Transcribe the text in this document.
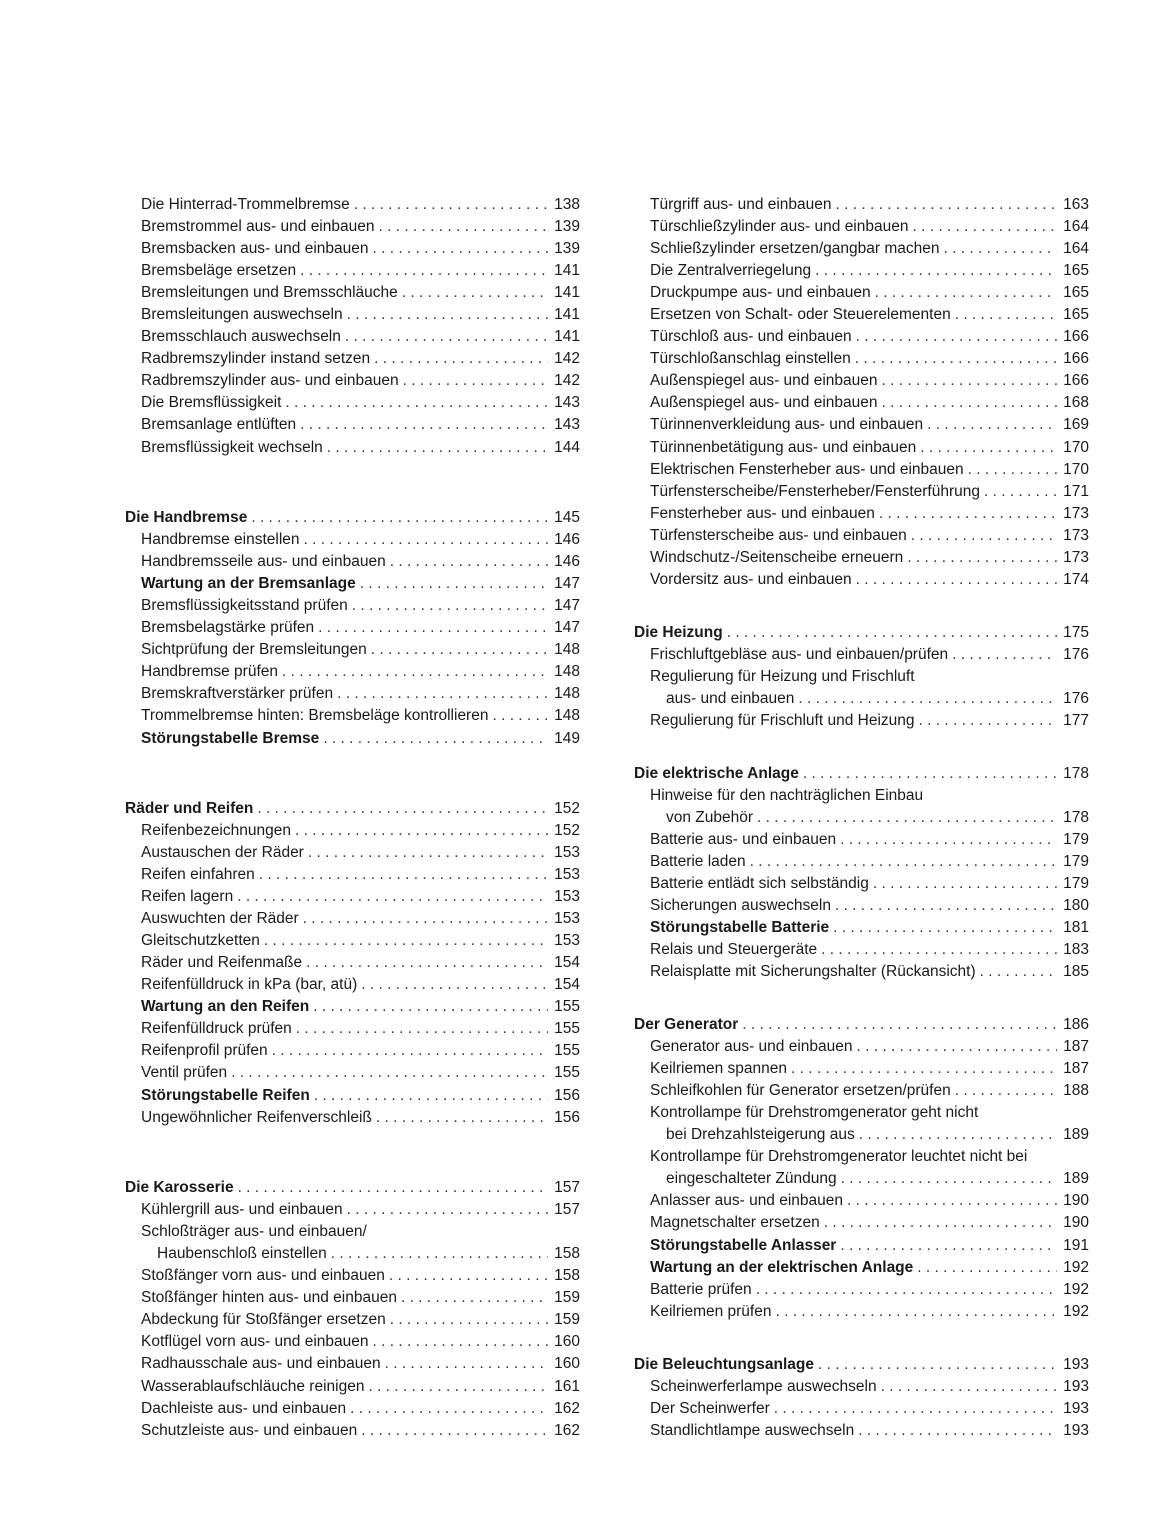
Die Hinterrad-Trommelbremse . . .	138
Bremstrommel aus- und einbauen . . .	139
Bremsbacken aus- und einbauen . . .	139
Bremsbeläge ersetzen . . .	141
Bremsleitungen und Bremsschläuche . . .	141
Bremsleitungen auswechseln . . .	141
Bremsschlauch auswechseln . . .	141
Radbremszylinder instand setzen . . .	142
Radbremszylinder aus- und einbauen . . .	142
Die Bremsflüssigkeit . . .	143
Bremsanlage entlüften . . .	143
Bremsflüssigkeit wechseln . . .	144
Die Handbremse . . .	145
Handbremse einstellen . . .	146
Handbremsseile aus- und einbauen . . .	146
Wartung an der Bremsanlage . . .	147
Bremsflüssigkeitsstand prüfen . . .	147
Bremsbelagstärke prüfen . . .	147
Sichtprüfung der Bremsleitungen . . .	148
Handbremse prüfen . . .	148
Bremskraftverstärker prüfen . . .	148
Trommelbremse hinten: Bremsbeläge kontrollieren . . .	148
Störungstabelle Bremse . . .	149
Räder und Reifen . . .	152
Reifenbezeichnungen . . .	152
Austauschen der Räder . . .	153
Reifen einfahren . . .	153
Reifen lagern . . .	153
Auswuchten der Räder . . .	153
Gleitschutzketten . . .	153
Räder und Reifenmaße . . .	154
Reifenfülldruck in kPa (bar, atü) . . .	154
Wartung an den Reifen . . .	155
Reifenfülldruck prüfen . . .	155
Reifenprofil prüfen . . .	155
Ventil prüfen . . .	155
Störungstabelle Reifen . . .	156
Ungewöhnlicher Reifenverschleiß . . .	156
Die Karosserie . . .	157
Kühlergrill aus- und einbauen . . .	157
Schloßträger aus- und einbauen/
Haubenschloß einstellen . . .	158
Stoßfänger vorn aus- und einbauen . . .	158
Stoßfänger hinten aus- und einbauen . . .	159
Abdeckung für Stoßfänger ersetzen . . .	159
Kotflügel vorn aus- und einbauen . . .	160
Radhausschale aus- und einbauen . . .	160
Wasserablaufschläuche reinigen . . .	161
Dachleiste aus- und einbauen . . .	162
Schutzleiste aus- und einbauen . . .	162
Türgriff aus- und einbauen . . .	163
Türschließzylinder aus- und einbauen . . .	164
Schließzylinder ersetzen/gangbar machen . . .	164
Die Zentralverriegelung . . .	165
Druckpumpe aus- und einbauen . . .	165
Ersetzen von Schalt- oder Steuerelementen . . .	165
Türschloß aus- und einbauen . . .	166
Türschloßanschlag einstellen . . .	166
Außenspiegel aus- und einbauen . . .	166
Außenspiegel aus- und einbauen . . .	168
Türinnenverkleidung aus- und einbauen . . .	169
Türinnenbetätigung aus- und einbauen . . .	170
Elektrischen Fensterheber aus- und einbauen . . .	170
Türfensterscheibe/Fensterheber/Fensterführung . . .	171
Fensterheber aus- und einbauen . . .	173
Türfensterscheibe aus- und einbauen . . .	173
Windschutz-/Seitenscheibe erneuern . . .	173
Vordersitz aus- und einbauen . . .	174
Die Heizung . . .	175
Frischluftgebläse aus- und einbauen/prüfen . . .	176
Regulierung für Heizung und Frischluft
aus- und einbauen . . .	176
Regulierung für Frischluft und Heizung . . .	177
Die elektrische Anlage . . .	178
Hinweise für den nachträglichen Einbau
von Zubehör . . .	178
Batterie aus- und einbauen . . .	179
Batterie laden . . .	179
Batterie entlädt sich selbständig . . .	179
Sicherungen auswechseln . . .	180
Störungstabelle Batterie . . .	181
Relais und Steuergeräte . . .	183
Relaisplatte mit Sicherungshalter (Rückansicht) . . .	185
Der Generator . . .	186
Generator aus- und einbauen . . .	187
Keilriemen spannen . . .	187
Schleifkohlen für Generator ersetzen/prüfen . . .	188
Kontrollampe für Drehstromgenerator geht nicht
bei Drehzahlsteigerung aus . . .	189
Kontrollampe für Drehstromgenerator leuchtet nicht bei
eingeschalteter Zündung . . .	189
Anlasser aus- und einbauen . . .	190
Magnetschalter ersetzen . . .	190
Störungstabelle Anlasser . . .	191
Wartung an der elektrischen Anlage . . .	192
Batterie prüfen . . .	192
Keilriemen prüfen . . .	192
Die Beleuchtungsanlage . . .	193
Scheinwerferlampe auswechseln . . .	193
Der Scheinwerfer . . .	193
Standlichtlampe auswechseln . . .	193
